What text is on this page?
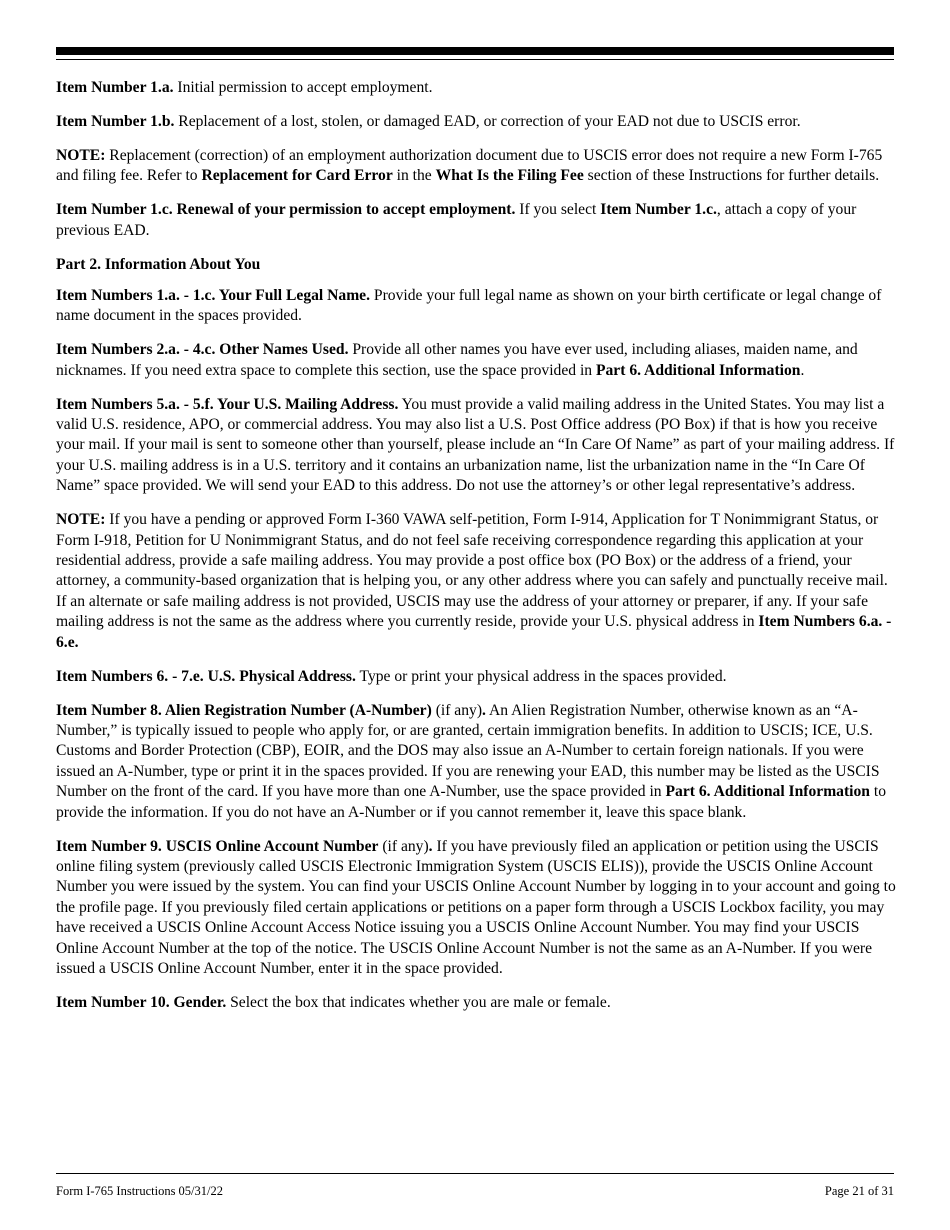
Item Number 1.a. Initial permission to accept employment.

Item Number 1.b. Replacement of a lost, stolen, or damaged EAD, or correction of your EAD not due to USCIS error.

NOTE: Replacement (correction) of an employment authorization document due to USCIS error does not require a new Form I-765 and filing fee. Refer to Replacement for Card Error in the What Is the Filing Fee section of these Instructions for further details.

Item Number 1.c. Renewal of your permission to accept employment. If you select Item Number 1.c., attach a copy of your previous EAD.

Part 2. Information About You

Item Numbers 1.a. - 1.c. Your Full Legal Name. Provide your full legal name as shown on your birth certificate or legal change of name document in the spaces provided.

Item Numbers 2.a. - 4.c. Other Names Used. Provide all other names you have ever used, including aliases, maiden name, and nicknames. If you need extra space to complete this section, use the space provided in Part 6. Additional Information.

Item Numbers 5.a. - 5.f. Your U.S. Mailing Address. You must provide a valid mailing address in the United States. You may list a valid U.S. residence, APO, or commercial address. You may also list a U.S. Post Office address (PO Box) if that is how you receive your mail. If your mail is sent to someone other than yourself, please include an “In Care Of Name” as part of your mailing address. If your U.S. mailing address is in a U.S. territory and it contains an urbanization name, list the urbanization name in the “In Care Of Name” space provided. We will send your EAD to this address. Do not use the attorney’s or other legal representative’s address.

NOTE: If you have a pending or approved Form I-360 VAWA self-petition, Form I-914, Application for T Nonimmigrant Status, or Form I-918, Petition for U Nonimmigrant Status, and do not feel safe receiving correspondence regarding this application at your residential address, provide a safe mailing address. You may provide a post office box (PO Box) or the address of a friend, your attorney, a community-based organization that is helping you, or any other address where you can safely and punctually receive mail. If an alternate or safe mailing address is not provided, USCIS may use the address of your attorney or preparer, if any. If your safe mailing address is not the same as the address where you currently reside, provide your U.S. physical address in Item Numbers 6.a. - 6.e.

Item Numbers 6. - 7.e. U.S. Physical Address. Type or print your physical address in the spaces provided.

Item Number 8. Alien Registration Number (A-Number) (if any). An Alien Registration Number, otherwise known as an “A-Number,” is typically issued to people who apply for, or are granted, certain immigration benefits. In addition to USCIS; ICE, U.S. Customs and Border Protection (CBP), EOIR, and the DOS may also issue an A-Number to certain foreign nationals. If you were issued an A-Number, type or print it in the spaces provided. If you are renewing your EAD, this number may be listed as the USCIS Number on the front of the card. If you have more than one A-Number, use the space provided in Part 6. Additional Information to provide the information. If you do not have an A-Number or if you cannot remember it, leave this space blank.

Item Number 9. USCIS Online Account Number (if any). If you have previously filed an application or petition using the USCIS online filing system (previously called USCIS Electronic Immigration System (USCIS ELIS)), provide the USCIS Online Account Number you were issued by the system. You can find your USCIS Online Account Number by logging in to your account and going to the profile page. If you previously filed certain applications or petitions on a paper form through a USCIS Lockbox facility, you may have received a USCIS Online Account Access Notice issuing you a USCIS Online Account Number. You may find your USCIS Online Account Number at the top of the notice. The USCIS Online Account Number is not the same as an A-Number. If you were issued a USCIS Online Account Number, enter it in the space provided.

Item Number 10. Gender. Select the box that indicates whether you are male or female.

Form I-765 Instructions 05/31/22	Page 21 of 31
